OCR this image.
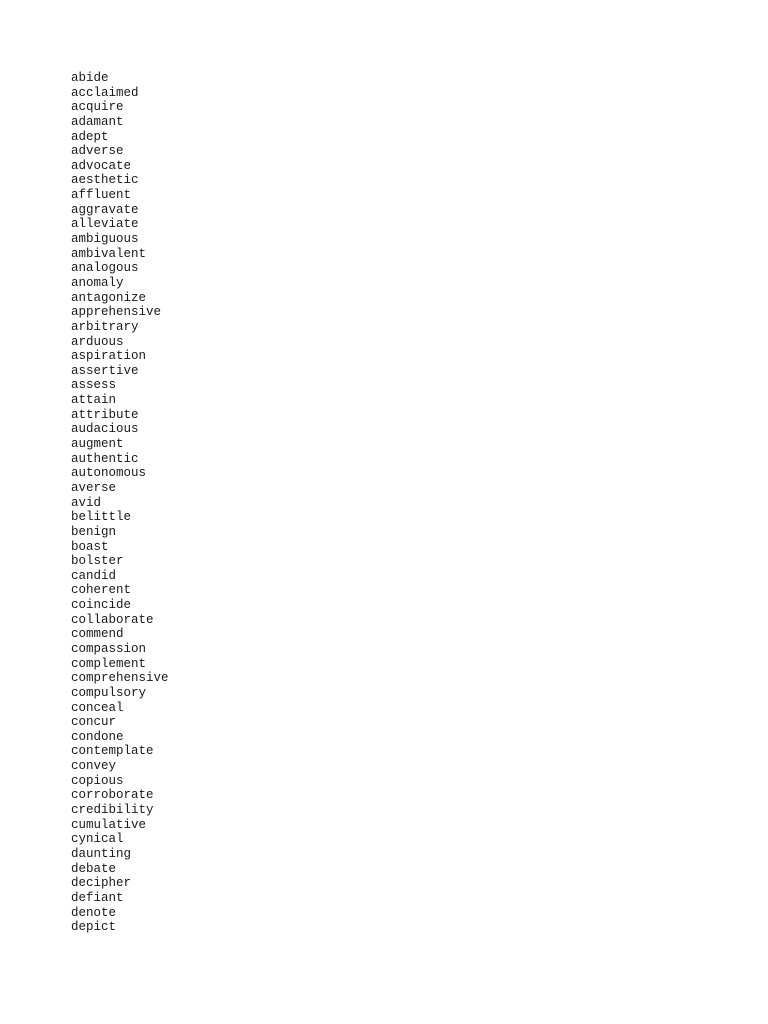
abide
acclaimed
acquire
adamant
adept
adverse
advocate
aesthetic
affluent
aggravate
alleviate
ambiguous
ambivalent
analogous
anomaly
antagonize
apprehensive
arbitrary
arduous
aspiration
assertive
assess
attain
attribute
audacious
augment
authentic
autonomous
averse
avid
belittle
benign
boast
bolster
candid
coherent
coincide
collaborate
commend
compassion
complement
comprehensive
compulsory
conceal
concur
condone
contemplate
convey
copious
corroborate
credibility
cumulative
cynical
daunting
debate
decipher
defiant
denote
depict
